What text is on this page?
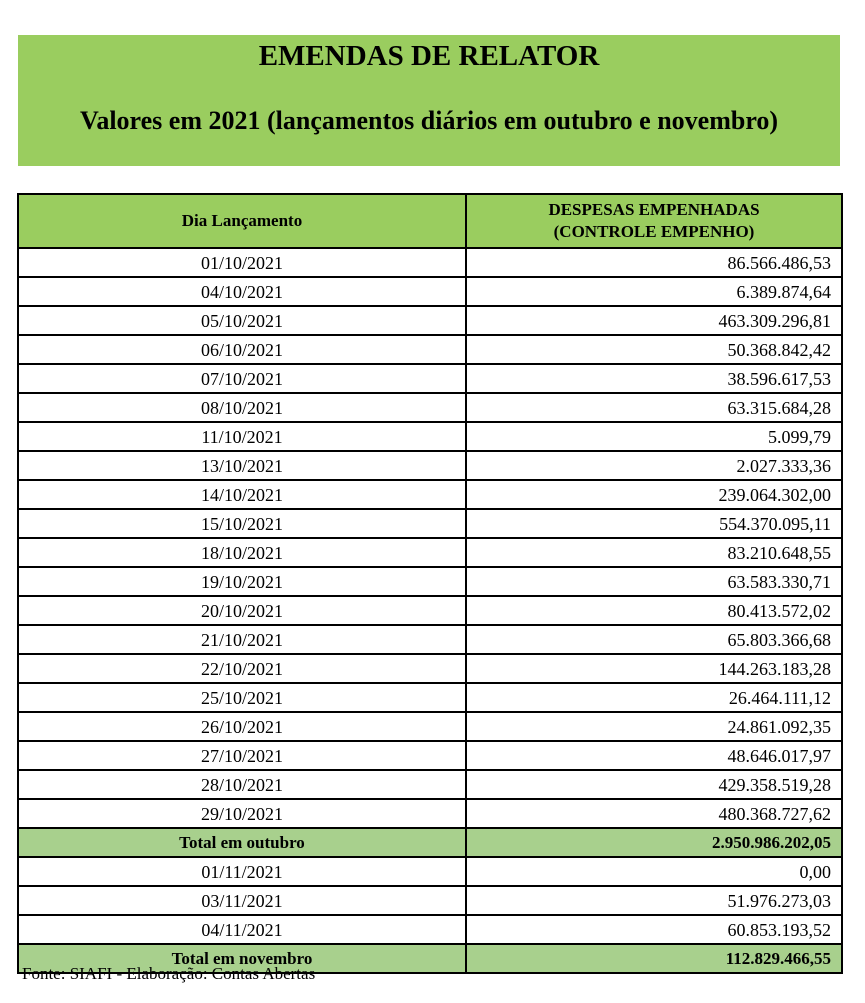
EMENDAS DE RELATOR
Valores em 2021 (lançamentos diários em outubro e novembro)
Dia Lançamento	DESPESAS EMPENHADAS
(CONTROLE EMPENHO)
01/10/2021	86.566.486,53
04/10/2021	6.389.874,64
05/10/2021	463.309.296,81
06/10/2021	50.368.842,42
07/10/2021	38.596.617,53
08/10/2021	63.315.684,28
11/10/2021	5.099,79
13/10/2021	2.027.333,36
14/10/2021	239.064.302,00
15/10/2021	554.370.095,11
18/10/2021	83.210.648,55
19/10/2021	63.583.330,71
20/10/2021	80.413.572,02
21/10/2021	65.803.366,68
22/10/2021	144.263.183,28
25/10/2021	26.464.111,12
26/10/2021	24.861.092,35
27/10/2021	48.646.017,97
28/10/2021	429.358.519,28
29/10/2021	480.368.727,62
Total em outubro	2.950.986.202,05
01/11/2021	0,00
03/11/2021	51.976.273,03
04/11/2021	60.853.193,52
Total em novembro	112.829.466,55
Fonte: SIAFI - Elaboração: Contas Abertas
